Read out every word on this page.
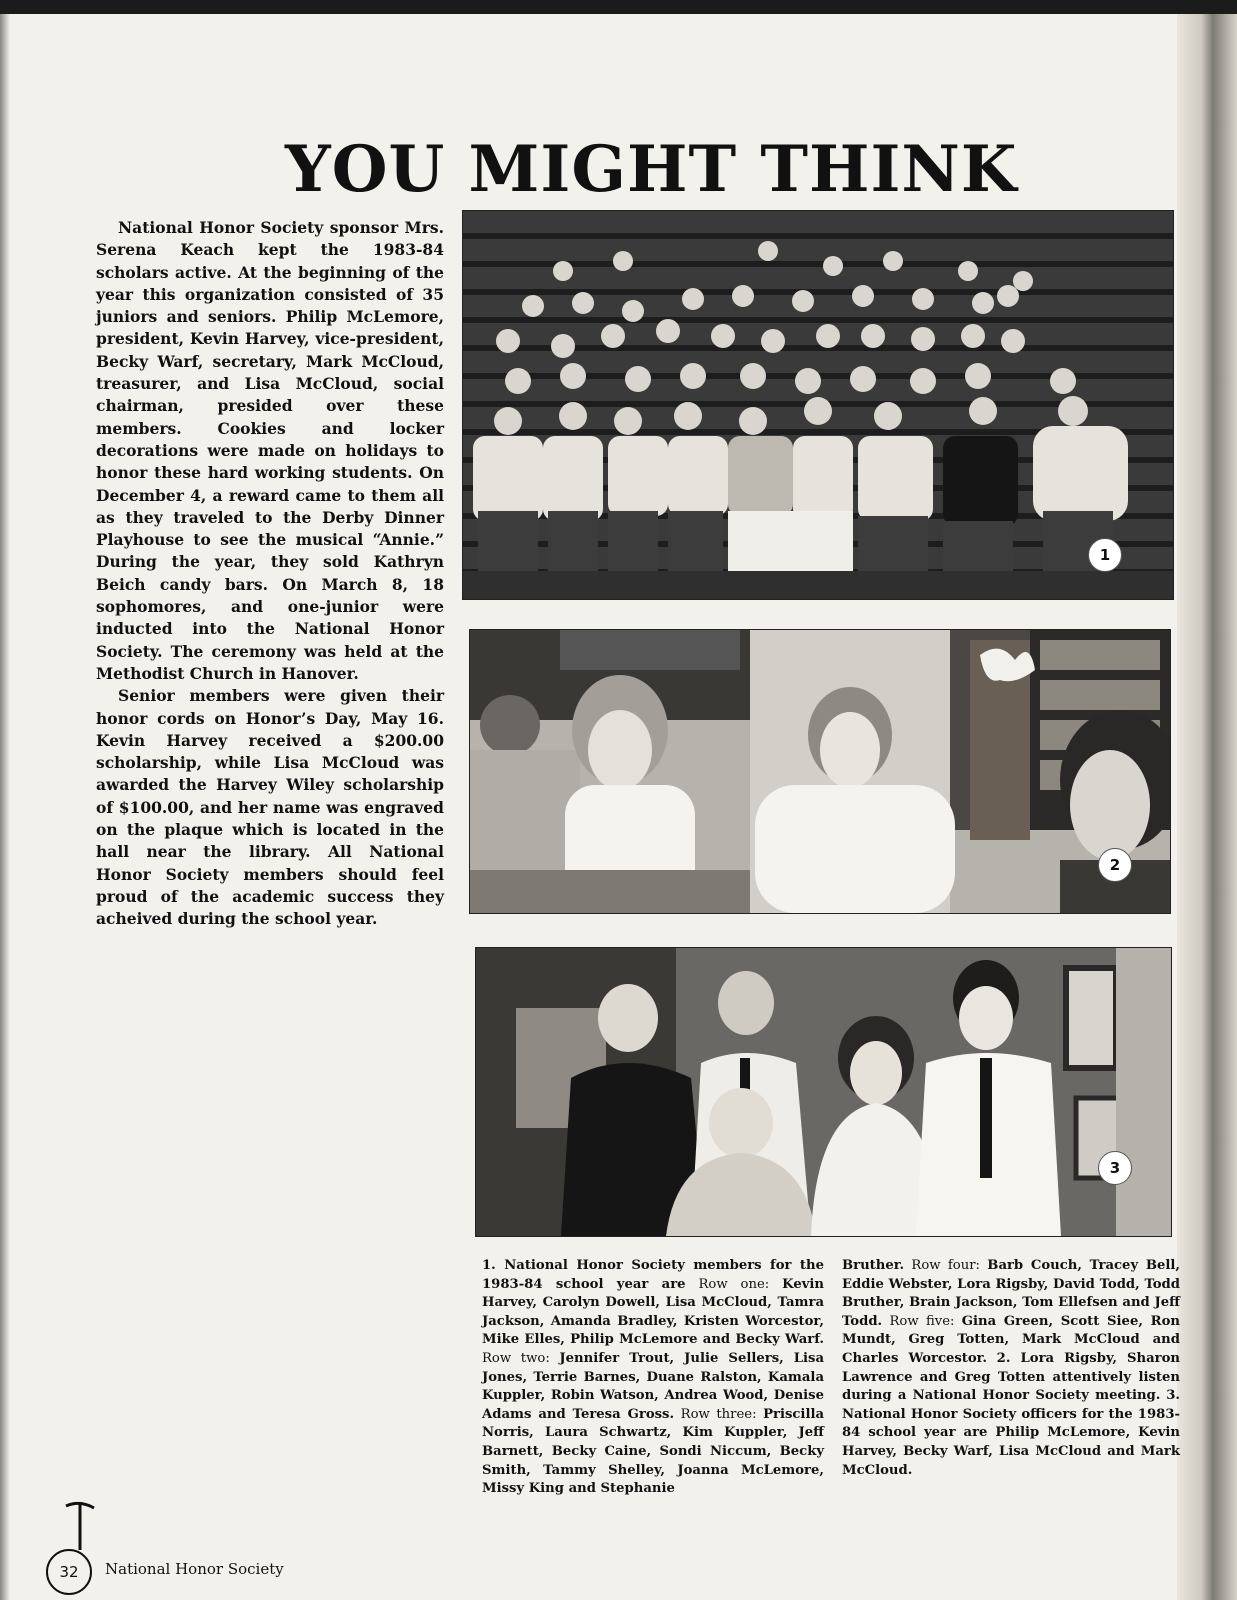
YOU MIGHT THINK

National Honor Society sponsor Mrs. Serena Keach kept the 1983-84 scholars active. At the beginning of the year this organization consisted of 35 juniors and seniors. Philip McLemore, president, Kevin Harvey, vice-president, Becky Warf, secretary, Mark McCloud, treasurer, and Lisa McCloud, social chairman, presided over these members. Cookies and locker decorations were made on holidays to honor these hard working students. On December 4, a reward came to them all as they traveled to the Derby Dinner Playhouse to see the musical “Annie.” During the year, they sold Kathryn Beich candy bars. On March 8, 18 sophomores, and one-junior were inducted into the National Honor Society. The ceremony was held at the Methodist Church in Hanover.

Senior members were given their honor cords on Honor’s Day, May 16. Kevin Harvey received a $200.00 scholarship, while Lisa McCloud was awarded the Harvey Wiley scholarship of $100.00, and her name was engraved on the plaque which is located in the hall near the library. All National Honor Society members should feel proud of the academic success they acheived during the school year.

1
2
3
1. National Honor Society members for the 1983-84 school year are Row one: Kevin Harvey, Carolyn Dowell, Lisa McCloud, Tamra Jackson, Amanda Bradley, Kristen Worcestor, Mike Elles, Philip McLemore and Becky Warf. Row two: Jennifer Trout, Julie Sellers, Lisa Jones, Terrie Barnes, Duane Ralston, Kamala Kuppler, Robin Watson, Andrea Wood, Denise Adams and Teresa Gross. Row three: Priscilla Norris, Laura Schwartz, Kim Kuppler, Jeff Barnett, Becky Caine, Sondi Niccum, Becky Smith, Tammy Shelley, Joanna McLemore, Missy King and Stephanie
Bruther. Row four: Barb Couch, Tracey Bell, Eddie Webster, Lora Rigsby, David Todd, Todd Bruther, Brain Jackson, Tom Ellefsen and Jeff Todd. Row five: Gina Green, Scott Siee, Ron Mundt, Greg Totten, Mark McCloud and Charles Worcestor. 2. Lora Rigsby, Sharon Lawrence and Greg Totten attentively listen during a National Honor Society meeting. 3. National Honor Society officers for the 1983-84 school year are Philip McLemore, Kevin Harvey, Becky Warf, Lisa McCloud and Mark McCloud.
32	National Honor Society
